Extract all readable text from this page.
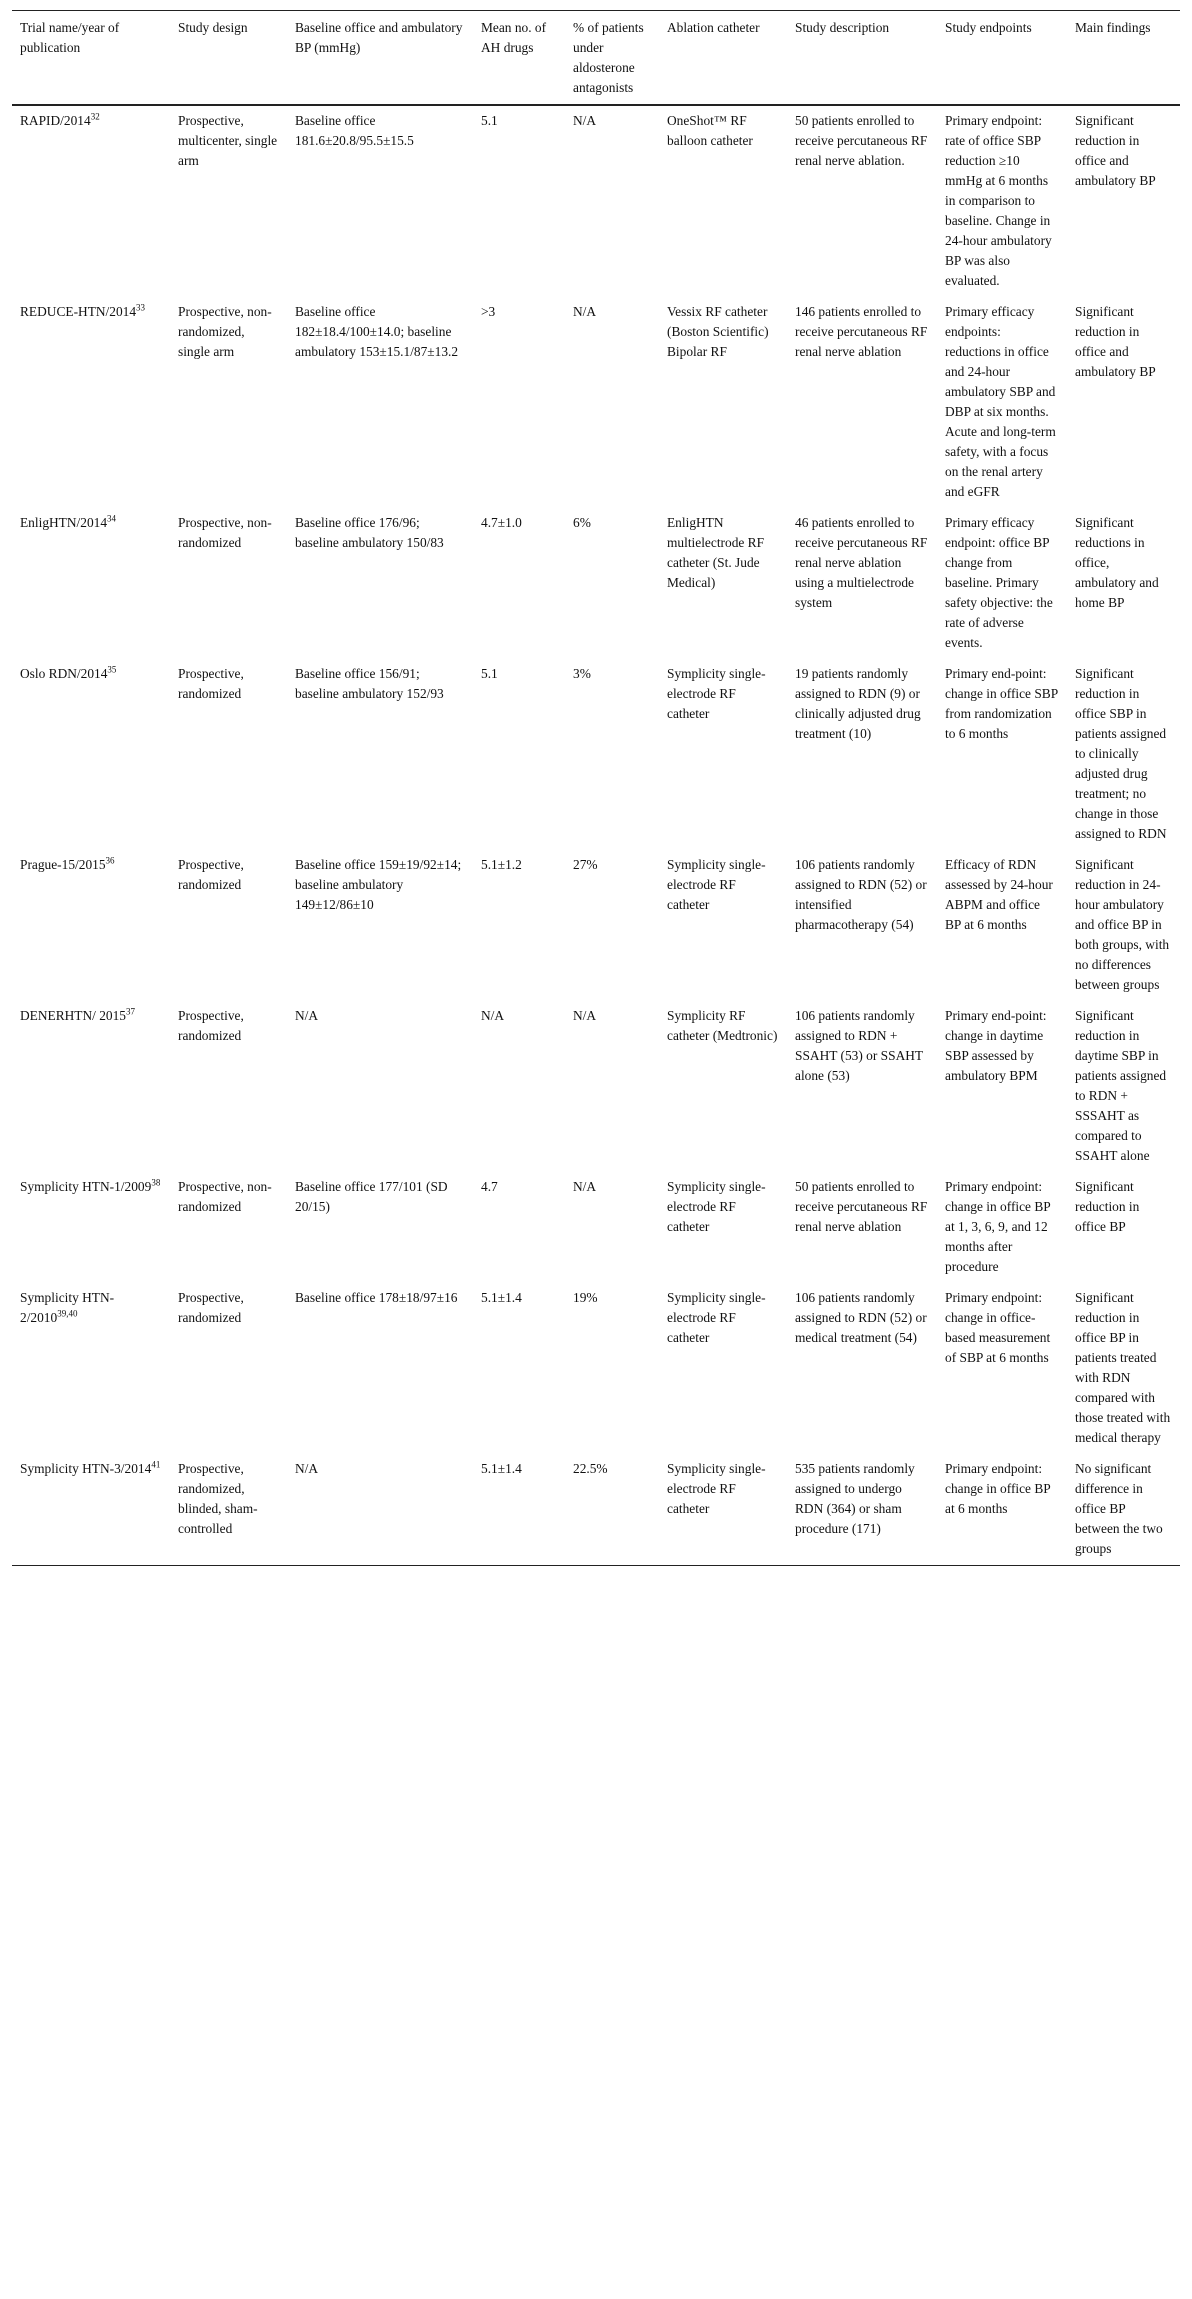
Trial name/year of publication	Study design	Baseline office and ambulatory BP (mmHg)	Mean no. of AH drugs	% of patients under aldosterone antagonists	Ablation catheter	Study description	Study endpoints	Main findings
RAPID/2014$^{32}$	Prospective, multicenter, single arm	Baseline office 181.6±20.8/95.5±15.5	5.1	N/A	OneShot™ RF balloon catheter	50 patients enrolled to receive percutaneous RF renal nerve ablation.	Primary endpoint: rate of office SBP reduction ≥10 mmHg at 6 months in comparison to baseline. Change in 24-hour ambulatory BP was also evaluated.	Significant reduction in office and ambulatory BP
REDUCE-HTN/2014$^{33}$	Prospective, non-randomized, single arm	Baseline office 182±18.4/100±14.0; baseline ambulatory 153±15.1/87±13.2	>3	N/A	Vessix RF catheter (Boston Scientific) Bipolar RF	146 patients enrolled to receive percutaneous RF renal nerve ablation	Primary efficacy endpoints: reductions in office and 24-hour ambulatory SBP and DBP at six months. Acute and long-term safety, with a focus on the renal artery and eGFR	Significant reduction in office and ambulatory BP
EnligHTN/2014$^{34}$	Prospective, non-randomized	Baseline office 176/96; baseline ambulatory 150/83	4.7±1.0	6%	EnligHTN multielectrode RF catheter (St. Jude Medical)	46 patients enrolled to receive percutaneous RF renal nerve ablation using a multielectrode system	Primary efficacy endpoint: office BP change from baseline. Primary safety objective: the rate of adverse events.	Significant reductions in office, ambulatory and home BP
Oslo RDN/2014$^{35}$	Prospective, randomized	Baseline office 156/91; baseline ambulatory 152/93	5.1	3%	Symplicity single-electrode RF catheter	19 patients randomly assigned to RDN (9) or clinically adjusted drug treatment (10)	Primary end-point: change in office SBP from randomization to 6 months	Significant reduction in office SBP in patients assigned to clinically adjusted drug treatment; no change in those assigned to RDN
Prague-15/2015$^{36}$	Prospective, randomized	Baseline office 159±19/92±14; baseline ambulatory 149±12/86±10	5.1±1.2	27%	Symplicity single-electrode RF catheter	106 patients randomly assigned to RDN (52) or intensified pharmacotherapy (54)	Efficacy of RDN assessed by 24-hour ABPM and office BP at 6 months	Significant reduction in 24-hour ambulatory and office BP in both groups, with no differences between groups
DENERHTN/ 2015$^{37}$	Prospective, randomized	N/A	N/A	N/A	Symplicity RF catheter (Medtronic)	106 patients randomly assigned to RDN + SSAHT (53) or SSAHT alone (53)	Primary end-point: change in daytime SBP assessed by ambulatory BPM	Significant reduction in daytime SBP in patients assigned to RDN + SSSAHT as compared to SSAHT alone
Symplicity HTN-1/2009$^{38}$	Prospective, non-randomized	Baseline office 177/101 (SD 20/15)	4.7	N/A	Symplicity single-electrode RF catheter	50 patients enrolled to receive percutaneous RF renal nerve ablation	Primary endpoint: change in office BP at 1, 3, 6, 9, and 12 months after procedure	Significant reduction in office BP
Symplicity HTN-2/2010$^{39,40}$	Prospective, randomized	Baseline office 178±18/97±16	5.1±1.4	19%	Symplicity single-electrode RF catheter	106 patients randomly assigned to RDN (52) or medical treatment (54)	Primary endpoint: change in office-based measurement of SBP at 6 months	Significant reduction in office BP in patients treated with RDN compared with those treated with medical therapy
Symplicity HTN-3/2014$^{41}$	Prospective, randomized, blinded, sham-controlled	N/A	5.1±1.4	22.5%	Symplicity single-electrode RF catheter	535 patients randomly assigned to undergo RDN (364) or sham procedure (171)	Primary endpoint: change in office BP at 6 months	No significant difference in office BP between the two groups
